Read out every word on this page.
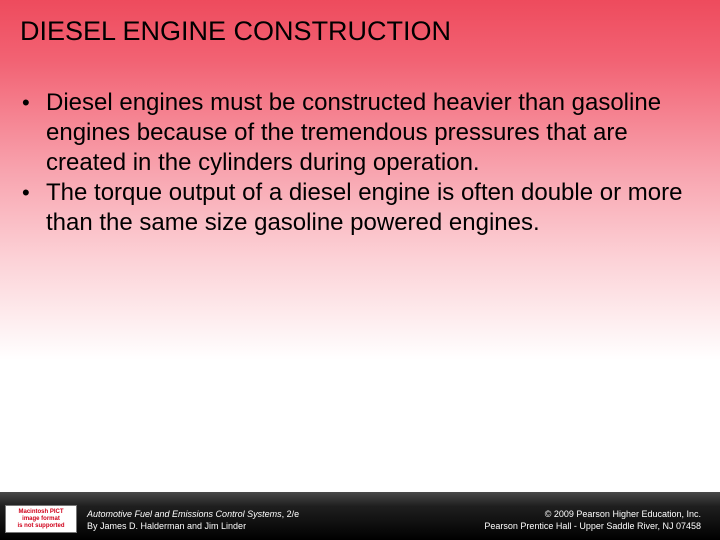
DIESEL ENGINE CONSTRUCTION
• Diesel engines must be constructed heavier than gasoline engines because of the tremendous pressures that are created in the cylinders during operation.
• The torque output of a diesel engine is often double or more than the same size gasoline powered engines.
Macintosh PICT
image format
is not supported
Automotive Fuel and Emissions Control Systems, 2/e
By James D. Halderman and Jim Linder
© 2009 Pearson Higher Education, Inc.
Pearson Prentice Hall - Upper Saddle River, NJ 07458
